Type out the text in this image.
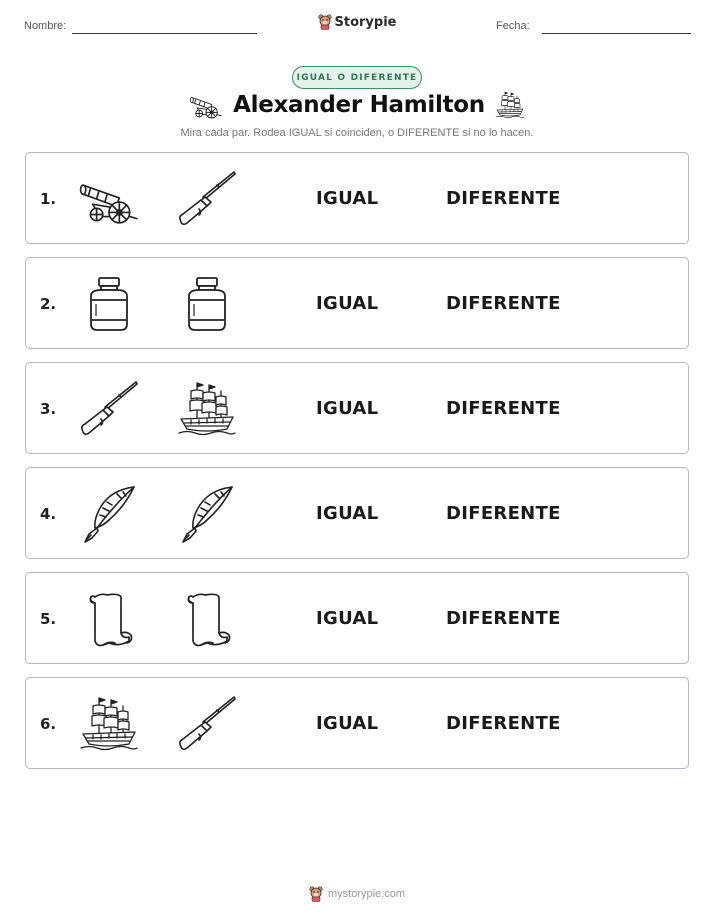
Nombre:	Storypie	Fecha:
IGUAL O DIFERENTE
Alexander Hamilton
Mira cada par. Rodea IGUAL si coinciden, o DIFERENTE si no lo hacen.
1.	IGUAL	DIFERENTE
2.	IGUAL	DIFERENTE
3.	IGUAL	DIFERENTE
4.	IGUAL	DIFERENTE
5.	IGUAL	DIFERENTE
6.	IGUAL	DIFERENTE
mystorypie.com
